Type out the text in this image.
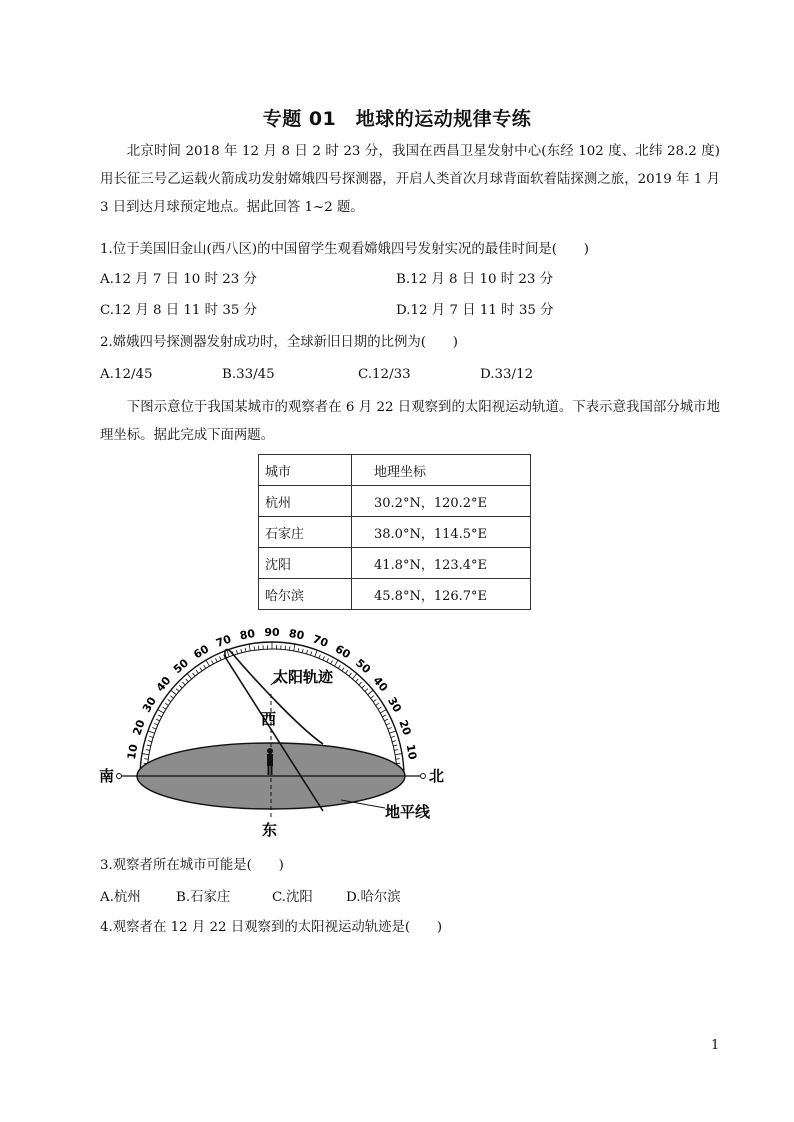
专题 01　地球的运动规律专练
北京时间 2018 年 12 月 8 日 2 时 23 分，我国在西昌卫星发射中心(东经 102 度、北纬 28.2 度)用长征三号乙运载火箭成功发射嫦娥四号探测器，开启人类首次月球背面软着陆探测之旅，2019 年 1 月 3 日到达月球预定地点。据此回答 1~2 题。
1.位于美国旧金山(西八区)的中国留学生观看嫦娥四号发射实况的最佳时间是(　　)
A.12 月 7 日 10 时 23 分	B.12 月 8 日 10 时 23 分
C.12 月 8 日 11 时 35 分	D.12 月 7 日 11 时 35 分
2.嫦娥四号探测器发射成功时，全球新旧日期的比例为(　　)
A.12/45	B.33/45	C.12/33	D.33/12
下图示意位于我国某城市的观察者在 6 月 22 日观察到的太阳视运动轨道。下表示意我国部分城市地理坐标。据此完成下面两题。
城市	地理坐标
杭州	30.2°N，120.2°E
石家庄	38.0°N，114.5°E
沈阳	41.8°N，123.4°E
哈尔滨	45.8°N，126.7°E
10
20
30
40
50
60
70 80 90 80 70
60
50
40
30
20
10
太阳轨迹
西
东
南	北
地平线
3.观察者所在城市可能是(　　)
A.杭州	B.石家庄	C.沈阳 D.哈尔滨
4.观察者在 12 月 22 日观察到的太阳视运动轨迹是(　　)
1
